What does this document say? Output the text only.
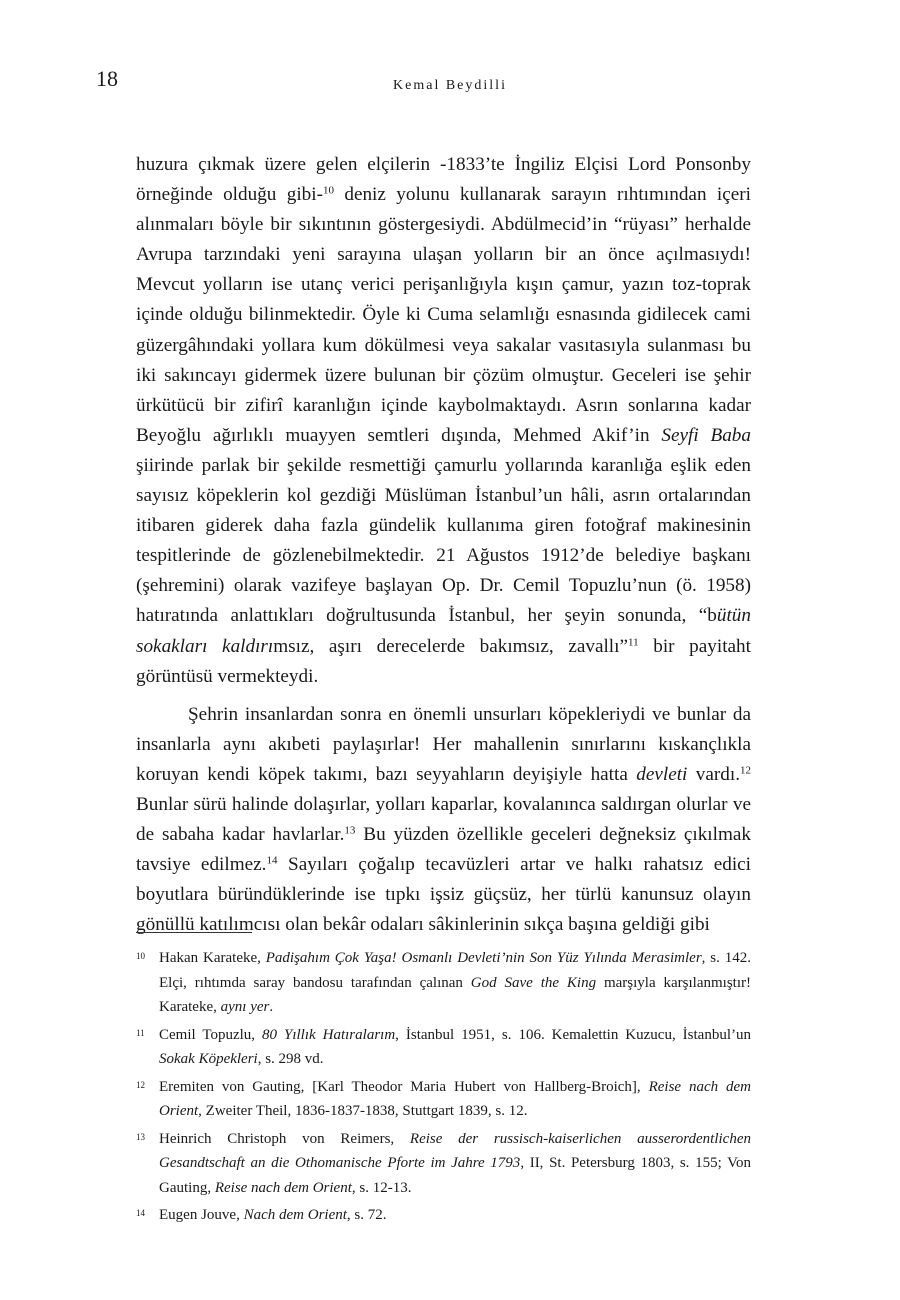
18	Kemal Beydilli

huzura çıkmak üzere gelen elçilerin -1833’te İngiliz Elçisi Lord Ponsonby örneğinde olduğu gibi-$^{10}$ deniz yolunu kullanarak sarayın rıhtımından içeri alınmaları böyle bir sıkıntının göstergesiydi. Abdülmecid’in “rüyası” herhalde Avrupa tarzındaki yeni sarayına ulaşan yolların bir an önce açılmasıydı! Mevcut yolların ise utanç verici perişanlığıyla kışın çamur, yazın toz-toprak içinde olduğu bilinmektedir. Öyle ki Cuma selamlığı esnasında gidilecek cami güzergâhındaki yollara kum dökülmesi veya sakalar vasıtasıyla sulanması bu iki sakıncayı gidermek üzere bulunan bir çözüm olmuştur. Geceleri ise şehir ürkütücü bir zifirî karanlığın içinde kaybolmaktaydı. Asrın sonlarına kadar Beyoğlu ağırlıklı muayyen semtleri dışında, Mehmed Akif’in Seyfi Baba şiirinde parlak bir şekilde resmettiği çamurlu yollarında karanlığa eşlik eden sayısız köpeklerin kol gezdiği Müslüman İstanbul’un hâli, asrın ortalarından itibaren giderek daha fazla gündelik kullanıma giren fotoğraf makinesinin tespitlerinde de gözlenebilmektedir. 21 Ağustos 1912’de belediye başkanı (şehremini) olarak vazifeye başlayan Op. Dr. Cemil Topuzlu’nun (ö. 1958) hatıratında anlattıkları doğrultusunda İstanbul, her şeyin sonunda, “bütün sokakları kaldırımsız, aşırı derecelerde bakımsız, zavallı”$^{11}$ bir payitaht görüntüsü vermekteydi.

Şehrin insanlardan sonra en önemli unsurları köpekleriydi ve bunlar da insanlarla aynı akıbeti paylaşırlar! Her mahallenin sınırlarını kıskançlıkla koruyan kendi köpek takımı, bazı seyyahların deyişiyle hatta devleti vardı.$^{12}$ Bunlar sürü halinde dolaşırlar, yolları kaparlar, kovalanınca saldırgan olurlar ve de sabaha kadar havlarlar.$^{13}$ Bu yüzden özellikle geceleri değneksiz çıkılmak tavsiye edilmez.$^{14}$ Sayıları çoğalıp tecavüzleri artar ve halkı rahatsız edici boyutlara büründüklerinde ise tıpkı işsiz güçsüz, her türlü kanunsuz olayın gönüllü katılımcısı olan bekâr odaları sâkinlerinin sıkça başına geldiği gibi

10 Hakan Karateke, Padişahım Çok Yaşa! Osmanlı Devleti’nin Son Yüz Yılında Merasimler, s. 142. Elçi, rıhtımda saray bandosu tarafından çalınan God Save the King marşıyla karşılanmıştır! Karateke, aynı yer.
11 Cemil Topuzlu, 80 Yıllık Hatıralarım, İstanbul 1951, s. 106. Kemalettin Kuzucu, İstanbul’un Sokak Köpekleri, s. 298 vd.
12 Eremiten von Gauting, [Karl Theodor Maria Hubert von Hallberg-Broich], Reise nach dem Orient, Zweiter Theil, 1836-1837-1838, Stuttgart 1839, s. 12.
13 Heinrich Christoph von Reimers, Reise der russisch-kaiserlichen ausserordentlichen Gesandtschaft an die Othomanische Pforte im Jahre 1793, II, St. Petersburg 1803, s. 155; Von Gauting, Reise nach dem Orient, s. 12-13.
14 Eugen Jouve, Nach dem Orient, s. 72.
